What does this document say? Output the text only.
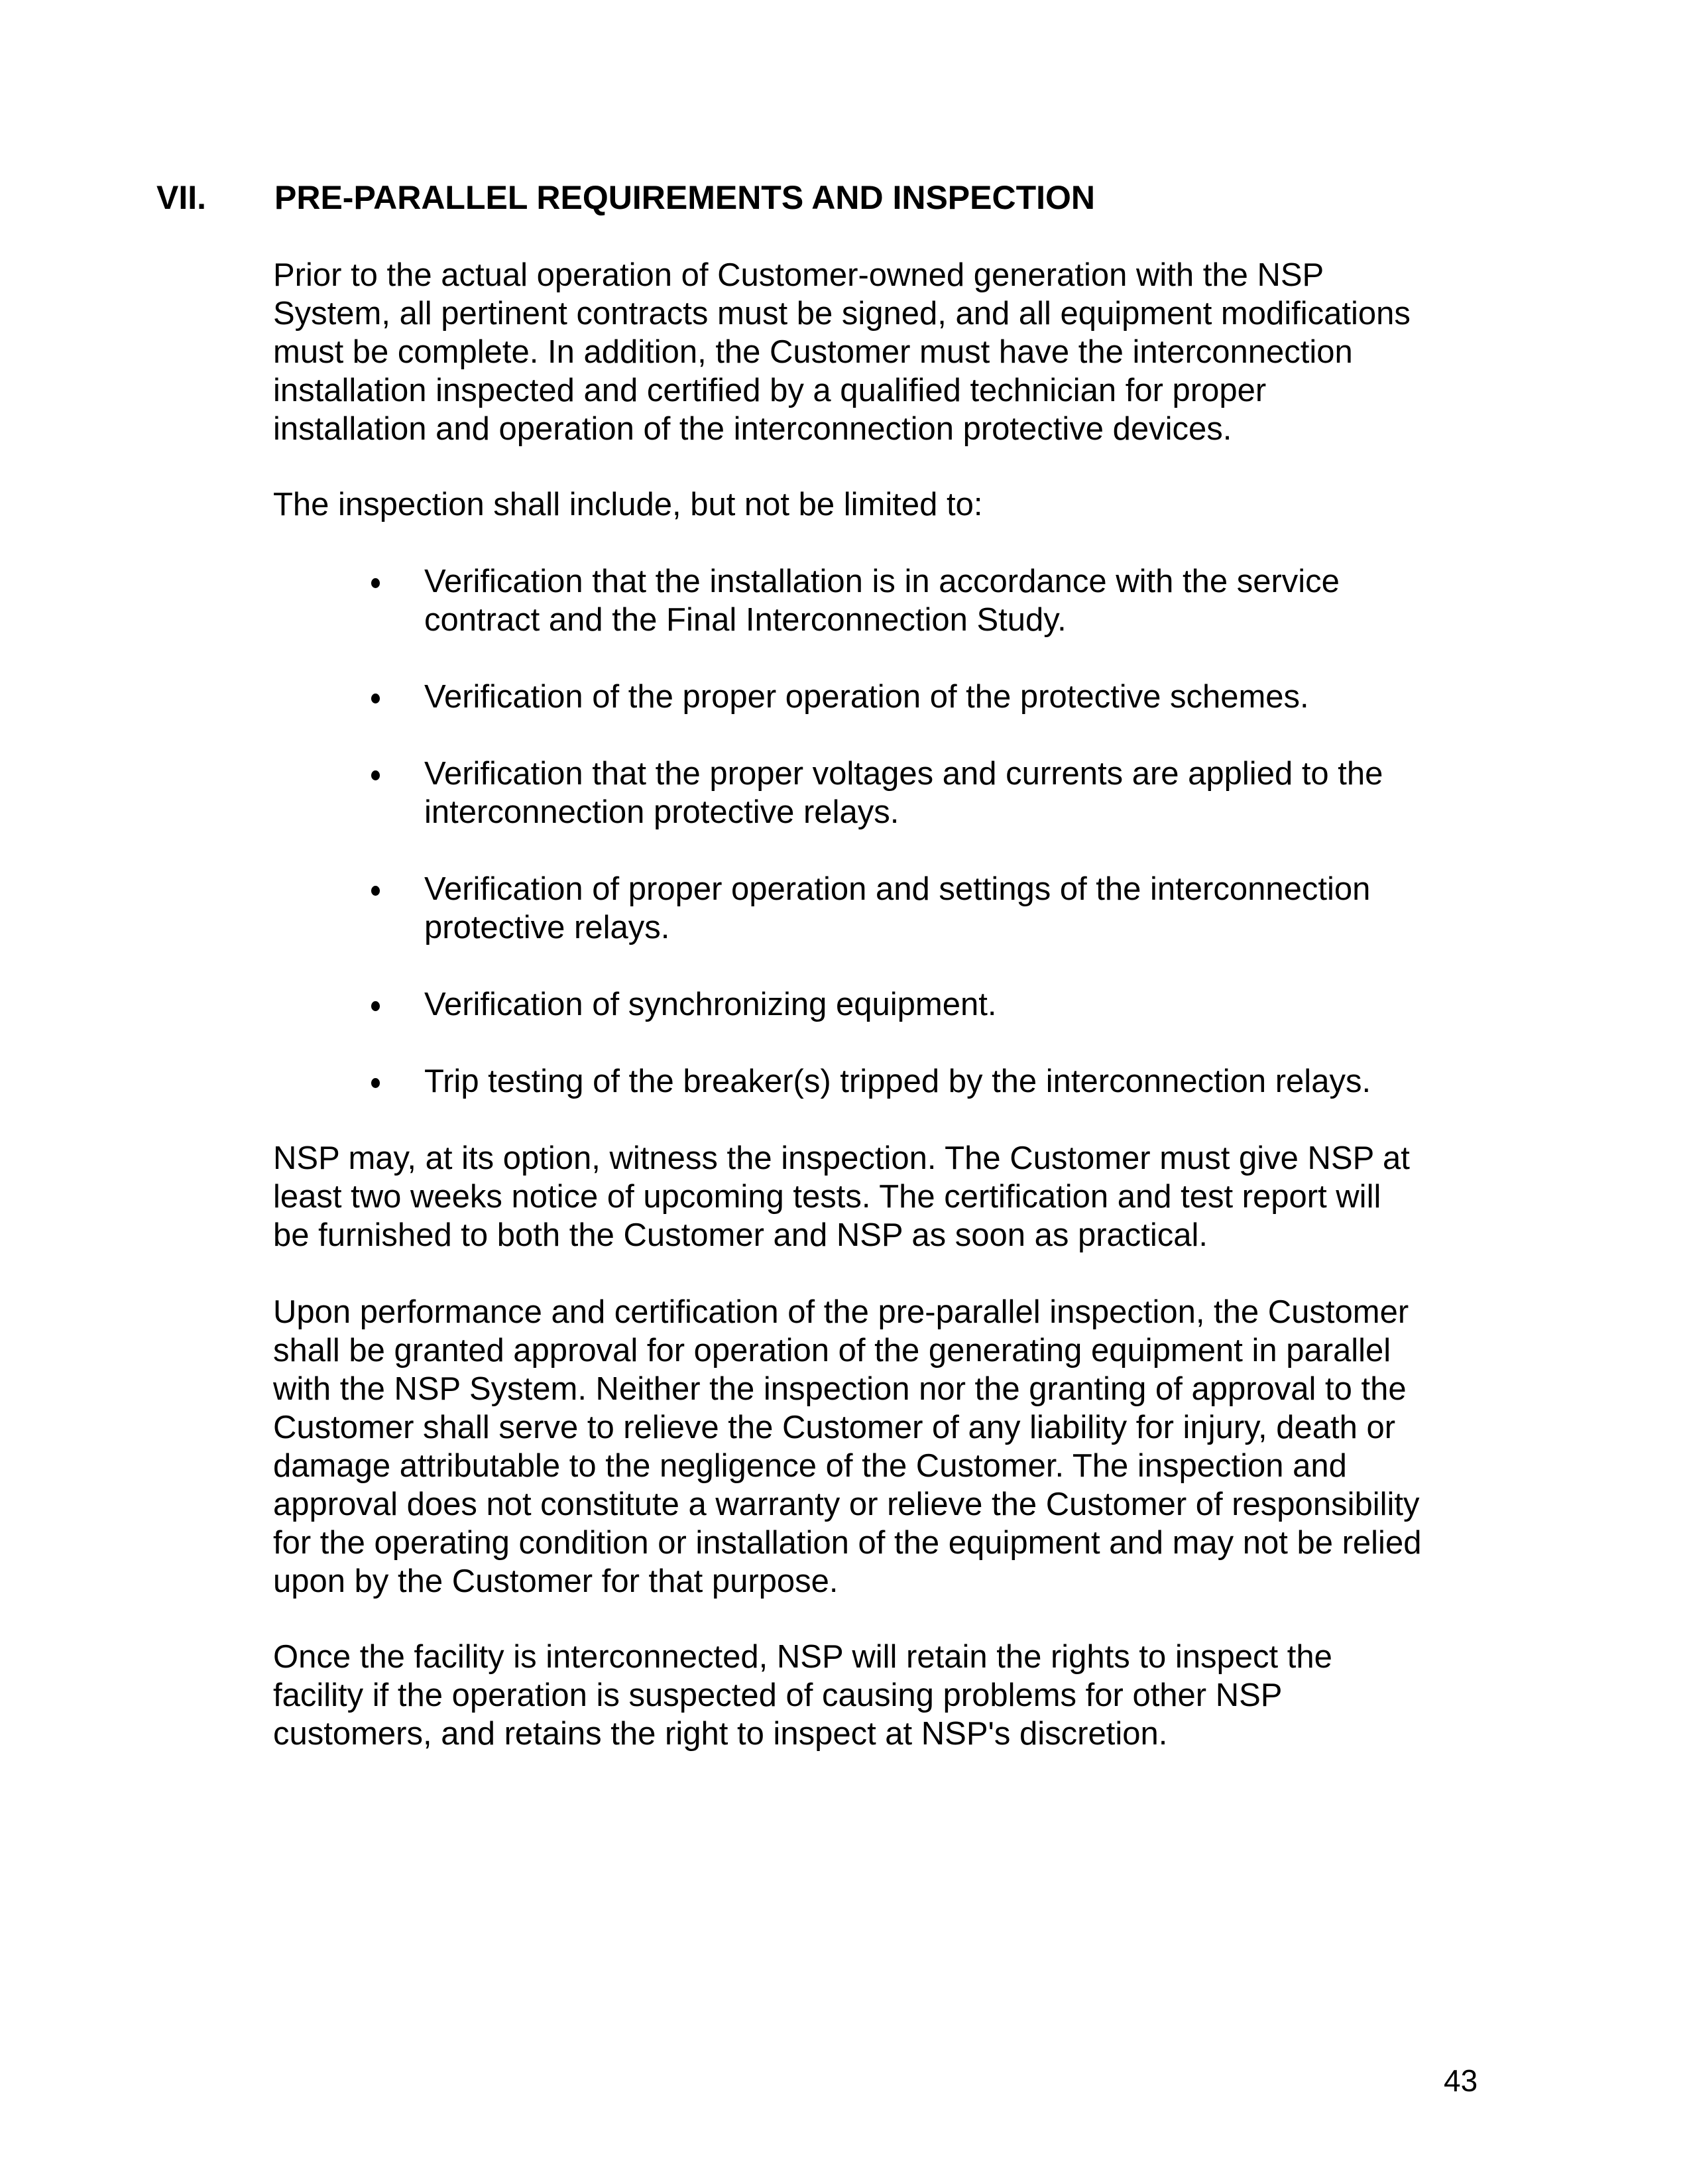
VII. PRE-PARALLEL REQUIREMENTS AND INSPECTION

Prior to the actual operation of Customer-owned generation with the NSP
System, all pertinent contracts must be signed, and all equipment modifications
must be complete. In addition, the Customer must have the interconnection
installation inspected and certified by a qualified technician for proper
installation and operation of the interconnection protective devices.

The inspection shall include, but not be limited to:

Verification that the installation is in accordance with the service
contract and the Final Interconnection Study.
Verification of the proper operation of the protective schemes.
Verification that the proper voltages and currents are applied to the
interconnection protective relays.
Verification of proper operation and settings of the interconnection
protective relays.
Verification of synchronizing equipment.
Trip testing of the breaker(s) tripped by the interconnection relays.

NSP may, at its option, witness the inspection. The Customer must give NSP at
least two weeks notice of upcoming tests. The certification and test report will
be furnished to both the Customer and NSP as soon as practical.

Upon performance and certification of the pre-parallel inspection, the Customer
shall be granted approval for operation of the generating equipment in parallel
with the NSP System. Neither the inspection nor the granting of approval to the
Customer shall serve to relieve the Customer of any liability for injury, death or
damage attributable to the negligence of the Customer. The inspection and
approval does not constitute a warranty or relieve the Customer of responsibility
for the operating condition or installation of the equipment and may not be relied
upon by the Customer for that purpose.

Once the facility is interconnected, NSP will retain the rights to inspect the
facility if the operation is suspected of causing problems for other NSP
customers, and retains the right to inspect at NSP's discretion.

43
